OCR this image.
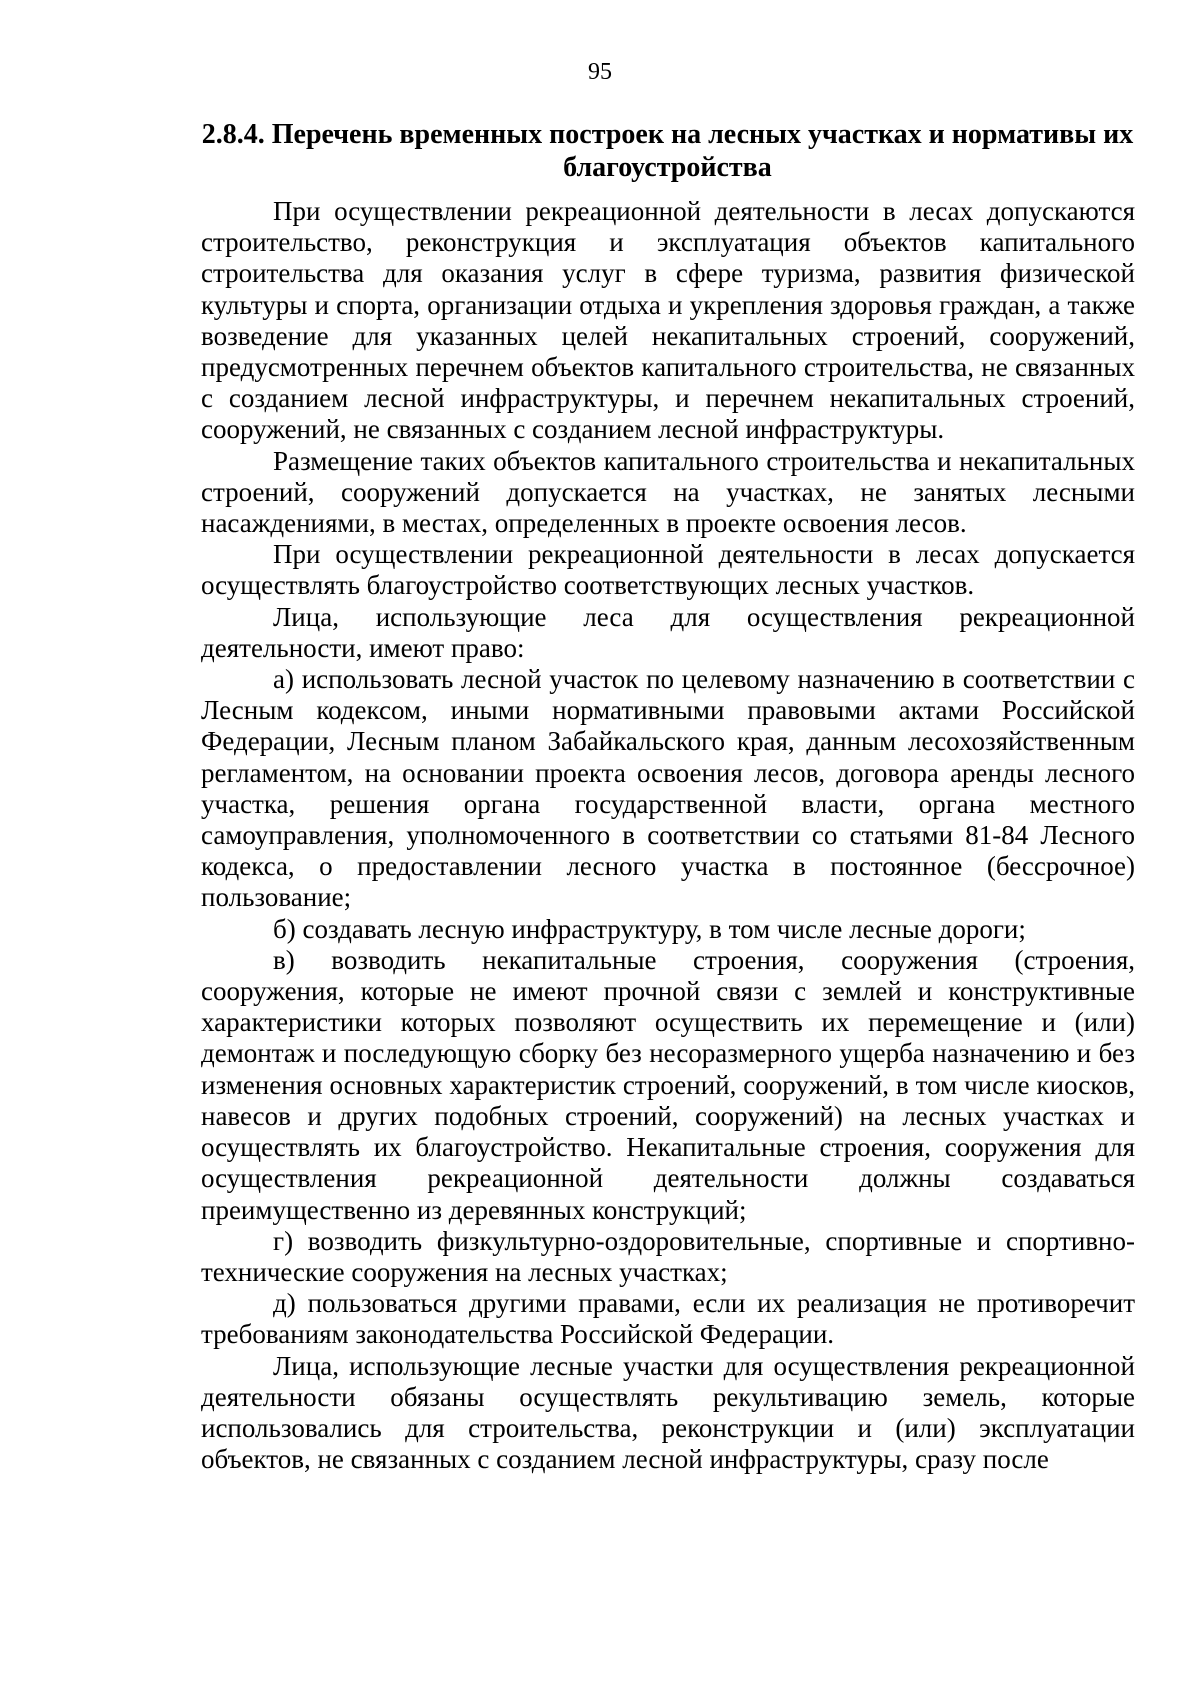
95
2.8.4. Перечень временных построек на лесных участках и нормативы их благоустройства

При осуществлении рекреационной деятельности в лесах допускаются строительство, реконструкция и эксплуатация объектов капитального строительства для оказания услуг в сфере туризма, развития физической культуры и спорта, организации отдыха и укрепления здоровья граждан, а также возведение для указанных целей некапитальных строений, сооружений, предусмотренных перечнем объектов капитального строительства, не связанных с созданием лесной инфраструктуры, и перечнем некапитальных строений, сооружений, не связанных с созданием лесной инфраструктуры.

Размещение таких объектов капитального строительства и некапитальных строений, сооружений допускается на участках, не занятых лесными насаждениями, в местах, определенных в проекте освоения лесов.

При осуществлении рекреационной деятельности в лесах допускается осуществлять благоустройство соответствующих лесных участков.

Лица, использующие леса для осуществления рекреационной деятельности, имеют право:

а) использовать лесной участок по целевому назначению в соответствии с Лесным кодексом, иными нормативными правовыми актами Российской Федерации, Лесным планом Забайкальского края, данным лесохозяйственным регламентом, на основании проекта освоения лесов, договора аренды лесного участка, решения органа государственной власти, органа местного самоуправления, уполномоченного в соответствии со статьями 81-84 Лесного кодекса, о предоставлении лесного участка в постоянное (бессрочное) пользование;

б) создавать лесную инфраструктуру, в том числе лесные дороги;

в) возводить некапитальные строения, сооружения (строения, сооружения, которые не имеют прочной связи с землей и конструктивные характеристики которых позволяют осуществить их перемещение и (или) демонтаж и последующую сборку без несоразмерного ущерба назначению и без изменения основных характеристик строений, сооружений, в том числе киосков, навесов и других подобных строений, сооружений) на лесных участках и осуществлять их благоустройство. Некапитальные строения, сооружения для осуществления рекреационной деятельности должны создаваться преимущественно из деревянных конструкций;

г) возводить физкультурно-оздоровительные, спортивные и спортивно-технические сооружения на лесных участках;

д) пользоваться другими правами, если их реализация не противоречит требованиям законодательства Российской Федерации.

Лица, использующие лесные участки для осуществления рекреационной деятельности обязаны осуществлять рекультивацию земель, которые использовались для строительства, реконструкции и (или) эксплуатации объектов, не связанных с созданием лесной инфраструктуры, сразу после
